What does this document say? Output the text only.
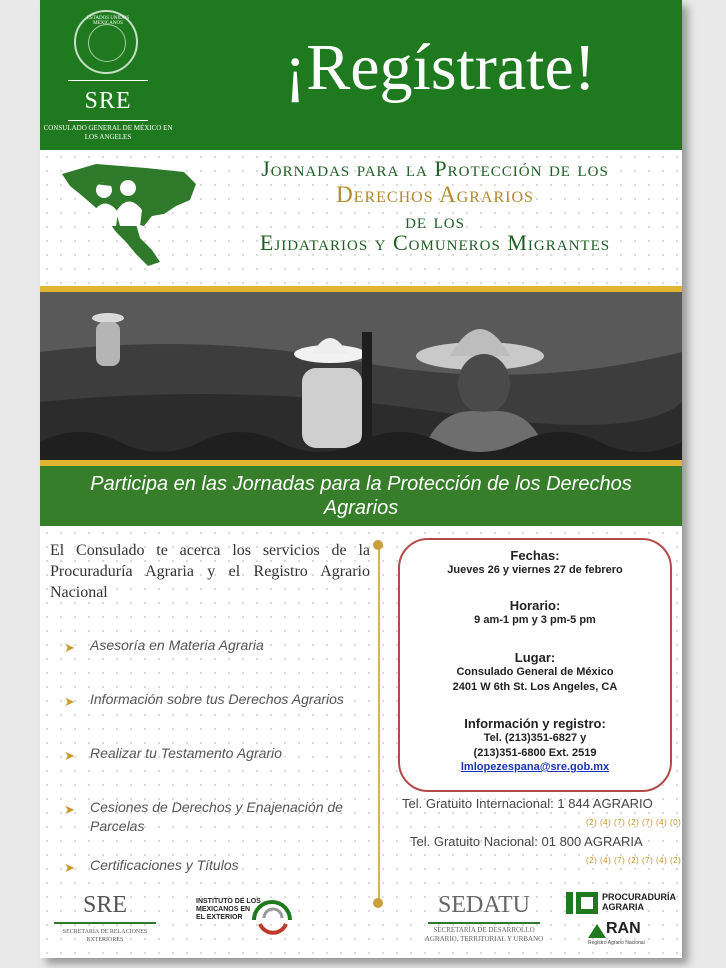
ESTADOS UNIDOS MEXICANOS
SRE
CONSULADO GENERAL DE MÉXICO EN LOS ANGELES
¡Regístrate!
Jornadas para la Protección de los
Derechos Agrarios
de los
Ejidatarios y Comuneros Migrantes
Participa en las Jornadas para la Protección de los Derechos Agrarios
El Consulado te acerca los servicios de la Procuraduría Agraria y el Registro Agrario Nacional
➤ Asesoría en Materia Agraria
➤ Información sobre tus Derechos Agrarios
➤ Realizar tu Testamento Agrario
➤ Cesiones de Derechos y Enajenación de Parcelas
➤ Certificaciones y Títulos
Fechas:
Jueves 26 y viernes 27 de febrero
Horario:
9 am-1 pm y 3 pm-5 pm
Lugar:
Consulado General de México
2401 W 6th St. Los Angeles, CA
Información y registro:
Tel. (213)351-6827 y
(213)351-6800 Ext. 2519
lmlopezespana@sre.gob.mx
Tel. Gratuito Internacional: 1 844 AGRARIO
(2) (4) (7) (2) (7) (4) (0)
Tel. Gratuito Nacional: 01 800 AGRARIA
(2) (4) (7) (2) (7) (4) (2)
SRE
SECRETARÍA DE RELACIONES EXTERIORES
INSTITUTO DE LOS
MEXICANOS EN
EL EXTERIOR	SEDATU
SECRETARÍA DE DESARROLLO
AGRARIO, TERRITORIAL Y URBANO
PROCURADURÍA
AGRARIA
RAN
Registro Agrario Nacional
